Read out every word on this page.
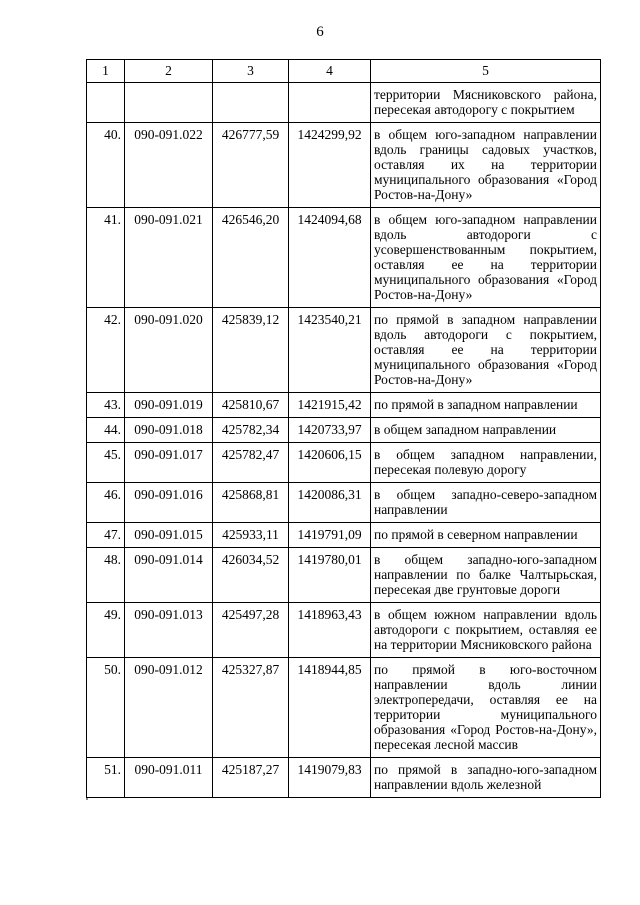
6
1	2	3	4	5
				территории Мясниковского района, пересекая автодорогу с покрытием
40.	090-091.022	426777,59	1424299,92	в общем юго-западном направлении вдоль границы садовых участков, оставляя их на территории муниципального образования «Город Ростов-на-Дону»
41.	090-091.021	426546,20	1424094,68	в общем юго-западном направлении вдоль автодороги с усовершенствованным покрытием, оставляя ее на территории муниципального образования «Город Ростов-на-Дону»
42.	090-091.020	425839,12	1423540,21	по прямой в западном направлении вдоль автодороги с покрытием, оставляя ее на территории муниципального образования «Город Ростов-на-Дону»
43.	090-091.019	425810,67	1421915,42	по прямой в западном направлении
44.	090-091.018	425782,34	1420733,97	в общем западном направлении
45.	090-091.017	425782,47	1420606,15	в общем западном направлении, пересекая полевую дорогу
46.	090-091.016	425868,81	1420086,31	в общем западно-северо-западном направлении
47.	090-091.015	425933,11	1419791,09	по прямой в северном направлении
48.	090-091.014	426034,52	1419780,01	в общем западно-юго-западном направлении по балке Чалтырьская, пересекая две грунтовые дороги
49.	090-091.013	425497,28	1418963,43	в общем южном направлении вдоль автодороги с покрытием, оставляя ее на территории Мясниковского района
50.	090-091.012	425327,87	1418944,85	по прямой в юго-восточном направлении вдоль линии электропередачи, оставляя ее на территории муниципального образования «Город Ростов-на-Дону», пересекая лесной массив
51.	090-091.011	425187,27	1419079,83	по прямой в западно-юго-западном направлении вдоль железной
